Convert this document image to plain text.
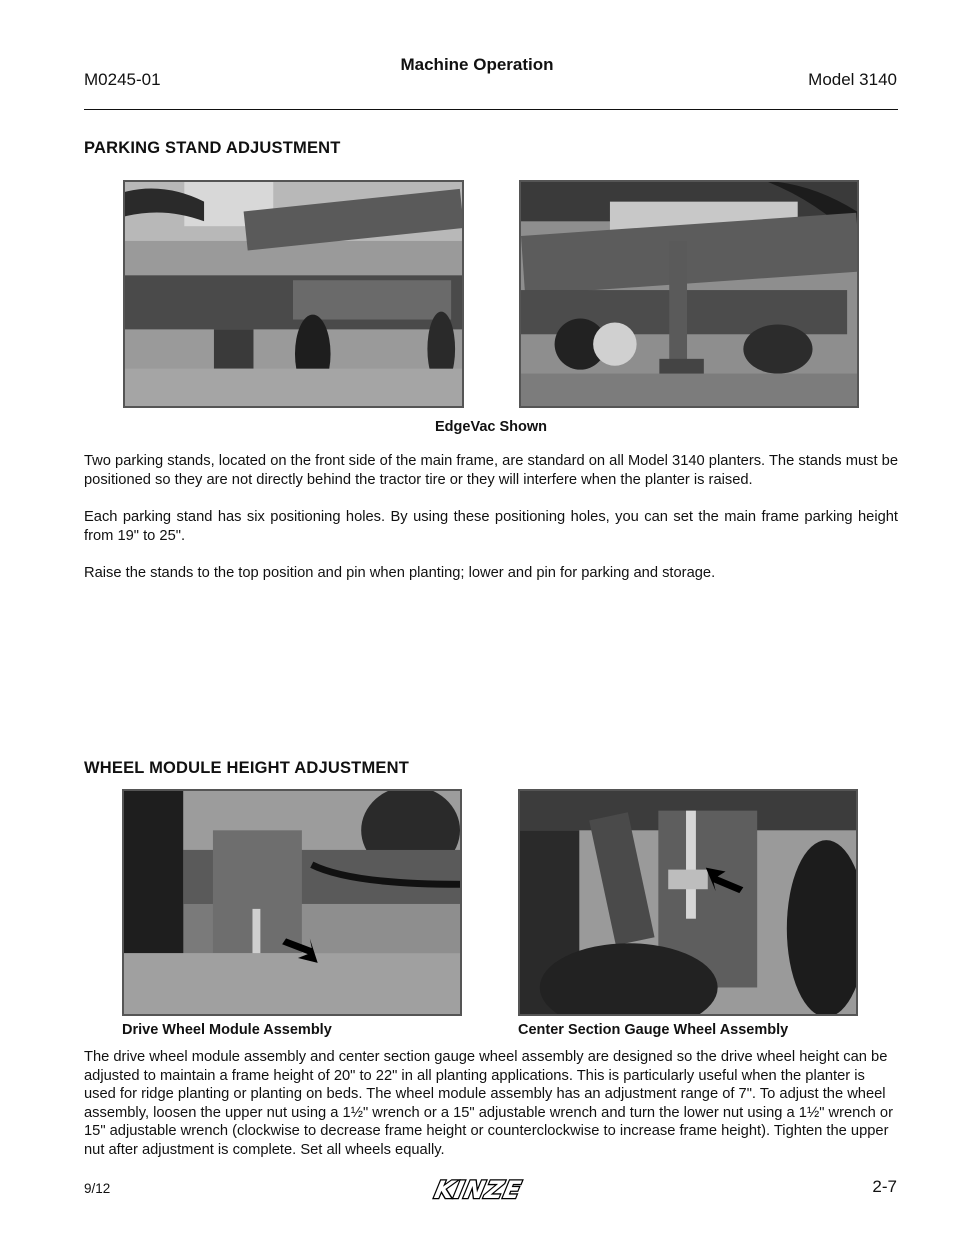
M0245-01
Machine Operation
Model 3140
PARKING STAND ADJUSTMENT
EdgeVac Shown
Two parking stands, located on the front side of the main frame, are standard on all Model 3140 planters. The stands must be positioned so they are not directly behind the tractor tire or they will interfere when the planter is raised.
Each parking stand has six positioning holes. By using these positioning holes, you can set the main frame parking height from 19" to 25".
Raise the stands to the top position and pin when planting; lower and pin for parking and storage.
WHEEL MODULE HEIGHT ADJUSTMENT
Drive Wheel Module Assembly	Center Section Gauge Wheel Assembly
The drive wheel module assembly and center section gauge wheel assembly are designed so the drive wheel height can be adjusted to maintain a frame height of 20" to 22" in all planting applications. This is particularly useful when the planter is used for ridge planting or planting on beds. The wheel module assembly has an adjustment range of 7". To adjust the wheel assembly, loosen the upper nut using a 1½" wrench or a 15" adjustable wrench and turn the lower nut using a 1½" wrench or 15" adjustable wrench (clockwise to decrease frame height or counterclockwise to increase frame height). Tighten the upper nut after adjustment is complete. Set all wheels equally.
9/12	KINZE	2-7
